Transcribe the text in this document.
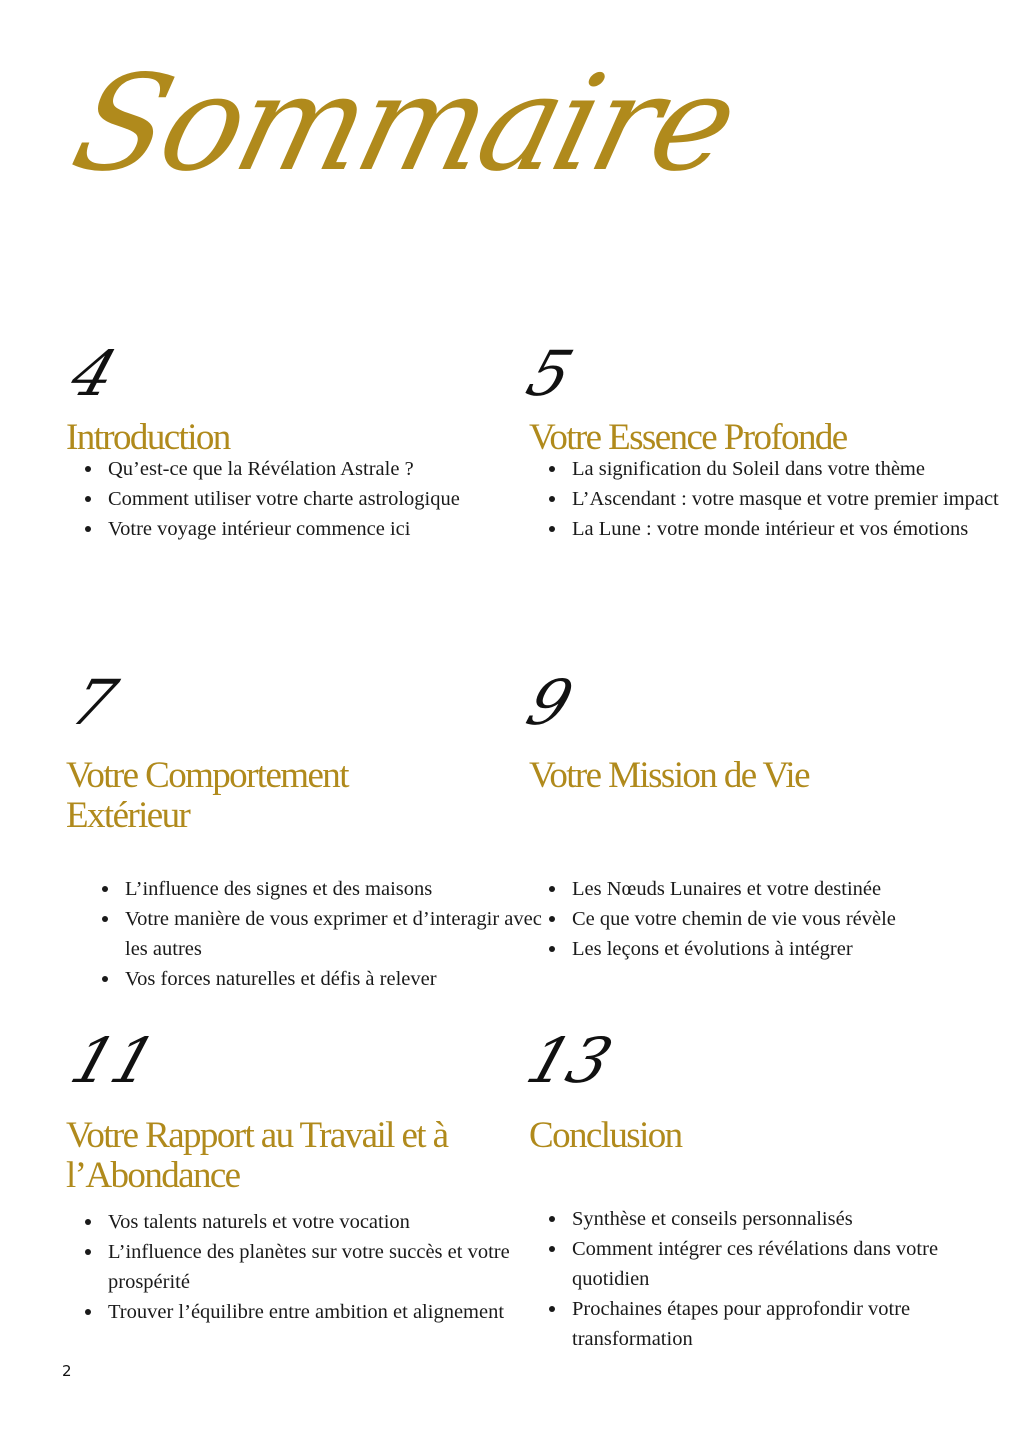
Sommaire
4
Introduction
Qu’est-ce que la Révélation Astrale ?
Comment utiliser votre charte astrologique
Votre voyage intérieur commence ici
5
Votre Essence Profonde
La signification du Soleil dans votre thème
L’Ascendant : votre masque et votre premier impact
La Lune : votre monde intérieur et vos émotions
7
Votre Comportement Extérieur
L’influence des signes et des maisons
Votre manière de vous exprimer et d’interagir avec les autres
Vos forces naturelles et défis à relever
9
Votre Mission de Vie
Les Nœuds Lunaires et votre destinée
Ce que votre chemin de vie vous révèle
Les leçons et évolutions à intégrer
11
Votre Rapport au Travail et à l’Abondance
Vos talents naturels et votre vocation
L’influence des planètes sur votre succès et votre prospérité
Trouver l’équilibre entre ambition et alignement
13
Conclusion
Synthèse et conseils personnalisés
Comment intégrer ces révélations dans votre quotidien
Prochaines étapes pour approfondir votre transformation
2
